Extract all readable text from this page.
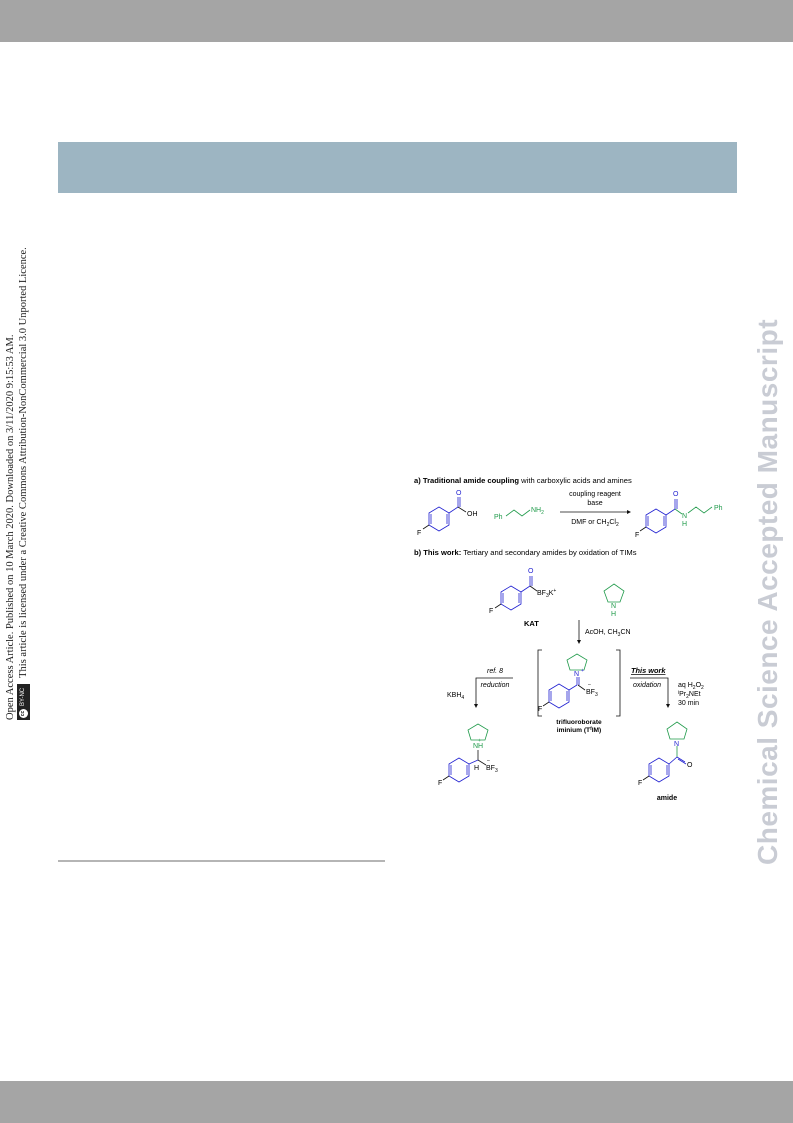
Open Access Article. Published on 10 March 2020. Downloaded on 3/11/2020 9:15:53 AM. cc
BY-NC
This article is licensed under a Creative Commons Attribution-NonCommercial 3.0 Unported Licence.	Chemical Science Accepted Manuscript
a) Traditional amide coupling with carboxylic acids and amines
O
OH
F
Ph
$NH_2$
coupling reagent
base
DMF or $CH_2Cl_2$
O
N
H
Ph
F
b) This work: Tertiary and secondary amides by oxidation of TIMs
O
$BF_3K^+$
F
KAT
N
H
AcOH, $CH_3CN$
N +
$BF_3$
–
F
trifluoroborate
iminium $(T^fIM)$
ref. 8
reduction
$KBH_4$
NH
+
H $BF_3$
–
F
This work
oxidation aq $H_2O_2$
$^iPr_2NEt$
30 min
N
O
F
amide
